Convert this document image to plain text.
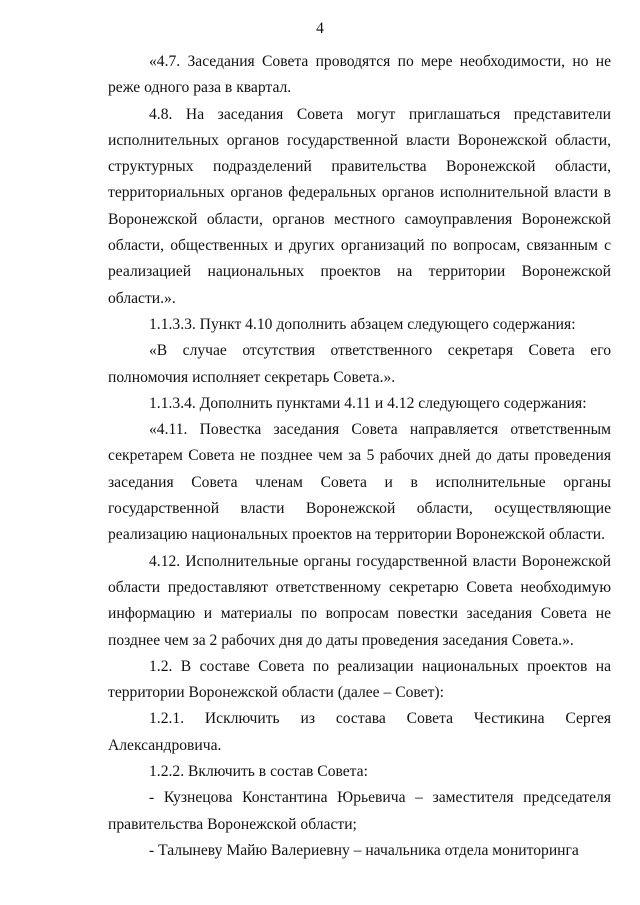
4

«4.7. Заседания Совета проводятся по мере необходимости, но не реже одного раза в квартал.

4.8. На заседания Совета могут приглашаться представители исполнительных органов государственной власти Воронежской области, структурных подразделений правительства Воронежской области, территориальных органов федеральных органов исполнительной власти в Воронежской области, органов местного самоуправления Воронежской области, общественных и других организаций по вопросам, связанным с реализацией национальных проектов на территории Воронежской области.».

1.1.3.3. Пункт 4.10 дополнить абзацем следующего содержания:

«В случае отсутствия ответственного секретаря Совета его полномочия исполняет секретарь Совета.».

1.1.3.4. Дополнить пунктами 4.11 и 4.12 следующего содержания:

«4.11. Повестка заседания Совета направляется ответственным секретарем Совета не позднее чем за 5 рабочих дней до даты проведения заседания Совета членам Совета и в исполнительные органы государственной власти Воронежской области, осуществляющие реализацию национальных проектов на территории Воронежской области.

4.12. Исполнительные органы государственной власти Воронежской области предоставляют ответственному секретарю Совета необходимую информацию и материалы по вопросам повестки заседания Совета не позднее чем за 2 рабочих дня до даты проведения заседания Совета.».

1.2. В составе Совета по реализации национальных проектов на территории Воронежской области (далее – Совет):

1.2.1. Исключить из состава Совета Честикина Сергея Александровича.

1.2.2. Включить в состав Совета:

- Кузнецова Константина Юрьевича – заместителя председателя правительства Воронежской области;

- Талыневу Майю Валериевну – начальника отдела мониторинга
